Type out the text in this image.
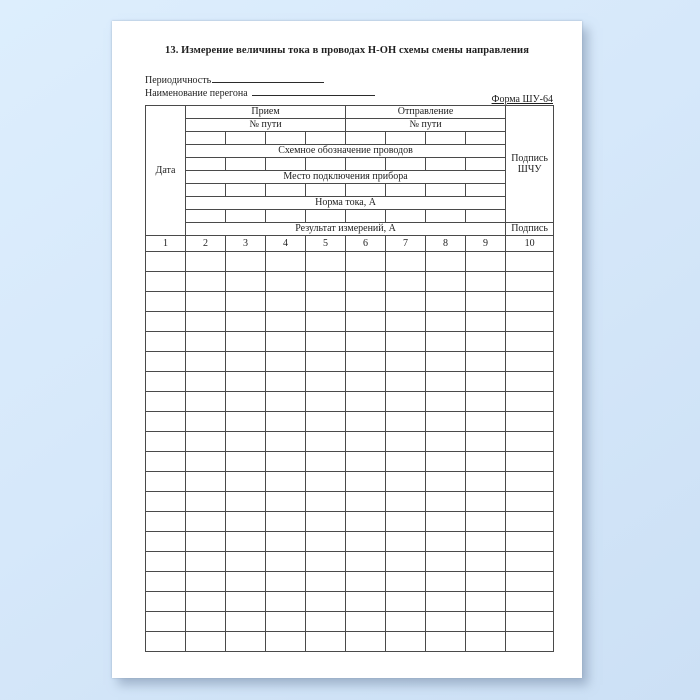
13. Измерение величины тока в проводах Н-ОН схемы смены направления
Периодичность
Наименование перегона
Форма ШУ-64
Дата	Прием				Отправление				Подпись ШЧУ
	№ пути				№ пути				

	Схемное обозначение проводов								

	Место подключения прибора								

	Норма тока, А								

	Результат измерений, А								Подпись
1	2	3	4	5	6	7	8	9	10
